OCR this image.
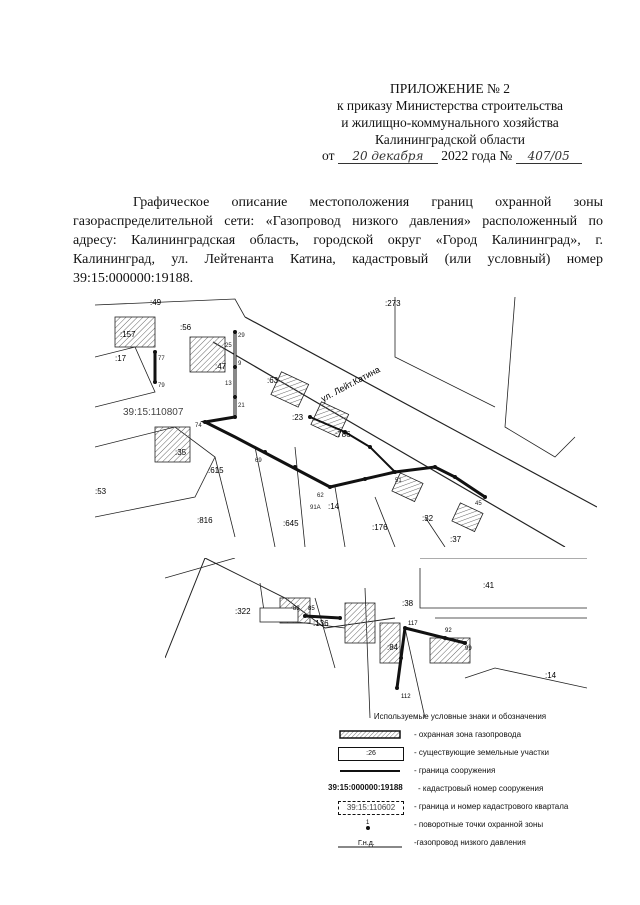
ПРИЛОЖЕНИЕ № 2
к приказу Министерства строительства
и жилищно-коммунального хозяйства
Калининградской области
от 20 декабря 2022 года № 407/05
Графическое описание местоположения границ охранной зоны газораспределительной сети: «Газопровод низкого давления» расположенный по адресу: Калининградская область, городской округ «Город Калининград», г. Калининград, ул. Лейтенанта Катина, кадастровый (или условный) номер 39:15:000000:19188.
ул. Лейт.Катина
39:15:110807
:49	:273
:157
:56
:17
:47
:63
:23
:786
:35
:615
:53
:816	:645
:14
:176
:32
:37
29
25
9
13
21
77
79
74
69
62
91A
51
45
:41
:322
:136
:38
:84
:14
83 85
117
92
99
112
Используемые условные знаки и обозначения
- охранная зона газопровода
:26	- существующие земельные участки
- граница сооружения
39:15:000000:19188	- кадастровый номер сооружения
39:15:110602	- граница и номер кадастрового квартала
1	- поворотные точки охранной зоны
Г.н.д.	-газопровод низкого давления
